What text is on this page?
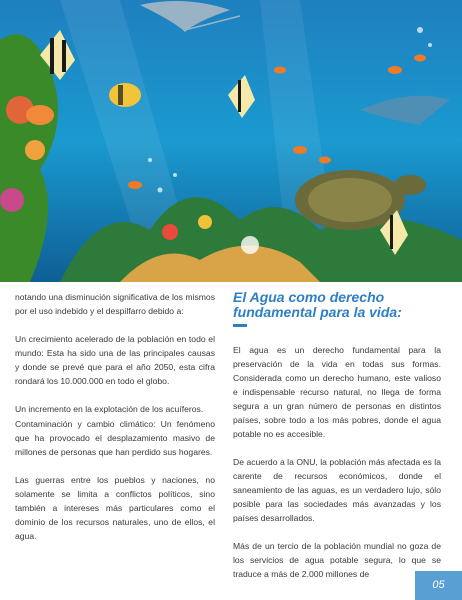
notando una disminución significativa de los mismos por el uso indebido y el despilfarro debido a:

Un crecimiento acelerado de la población en todo el mundo: Esta ha sido una de las principales causas y donde se prevé que para el año 2050, esta cifra rondará los 10.000.000 en todo el globo.

Un incremento en la explotación de los acuíferos.

Contaminación y cambio climático: Un fenómeno que ha provocado el desplazamiento masivo de millones de personas que han perdido sus hogares.

Las guerras entre los pueblos y naciones, no solamente se limita a conflictos políticos, sino también a intereses más particulares como el dominio de los recursos naturales, uno de ellos, el agua.

El Agua como derecho
fundamental para la vida:

El agua es un derecho fundamental para la preservación de la vida en todas sus formas. Considerada como un derecho humano, este valioso e indispensable recurso natural, no llega de forma segura a un gran número de personas en distintos países, sobre todo a los más pobres, donde el agua potable no es accesible.

De acuerdo a la ONU, la población más afectada es la carente de recursos económicos, donde el saneamiento de las aguas, es un verdadero lujo, sólo posible para las sociedades más avanzadas y los países desarrollados.

Más de un tercio de la población mundial no goza de los servicios de agua potable segura, lo que se traduce a más de 2.000 millones de

05
